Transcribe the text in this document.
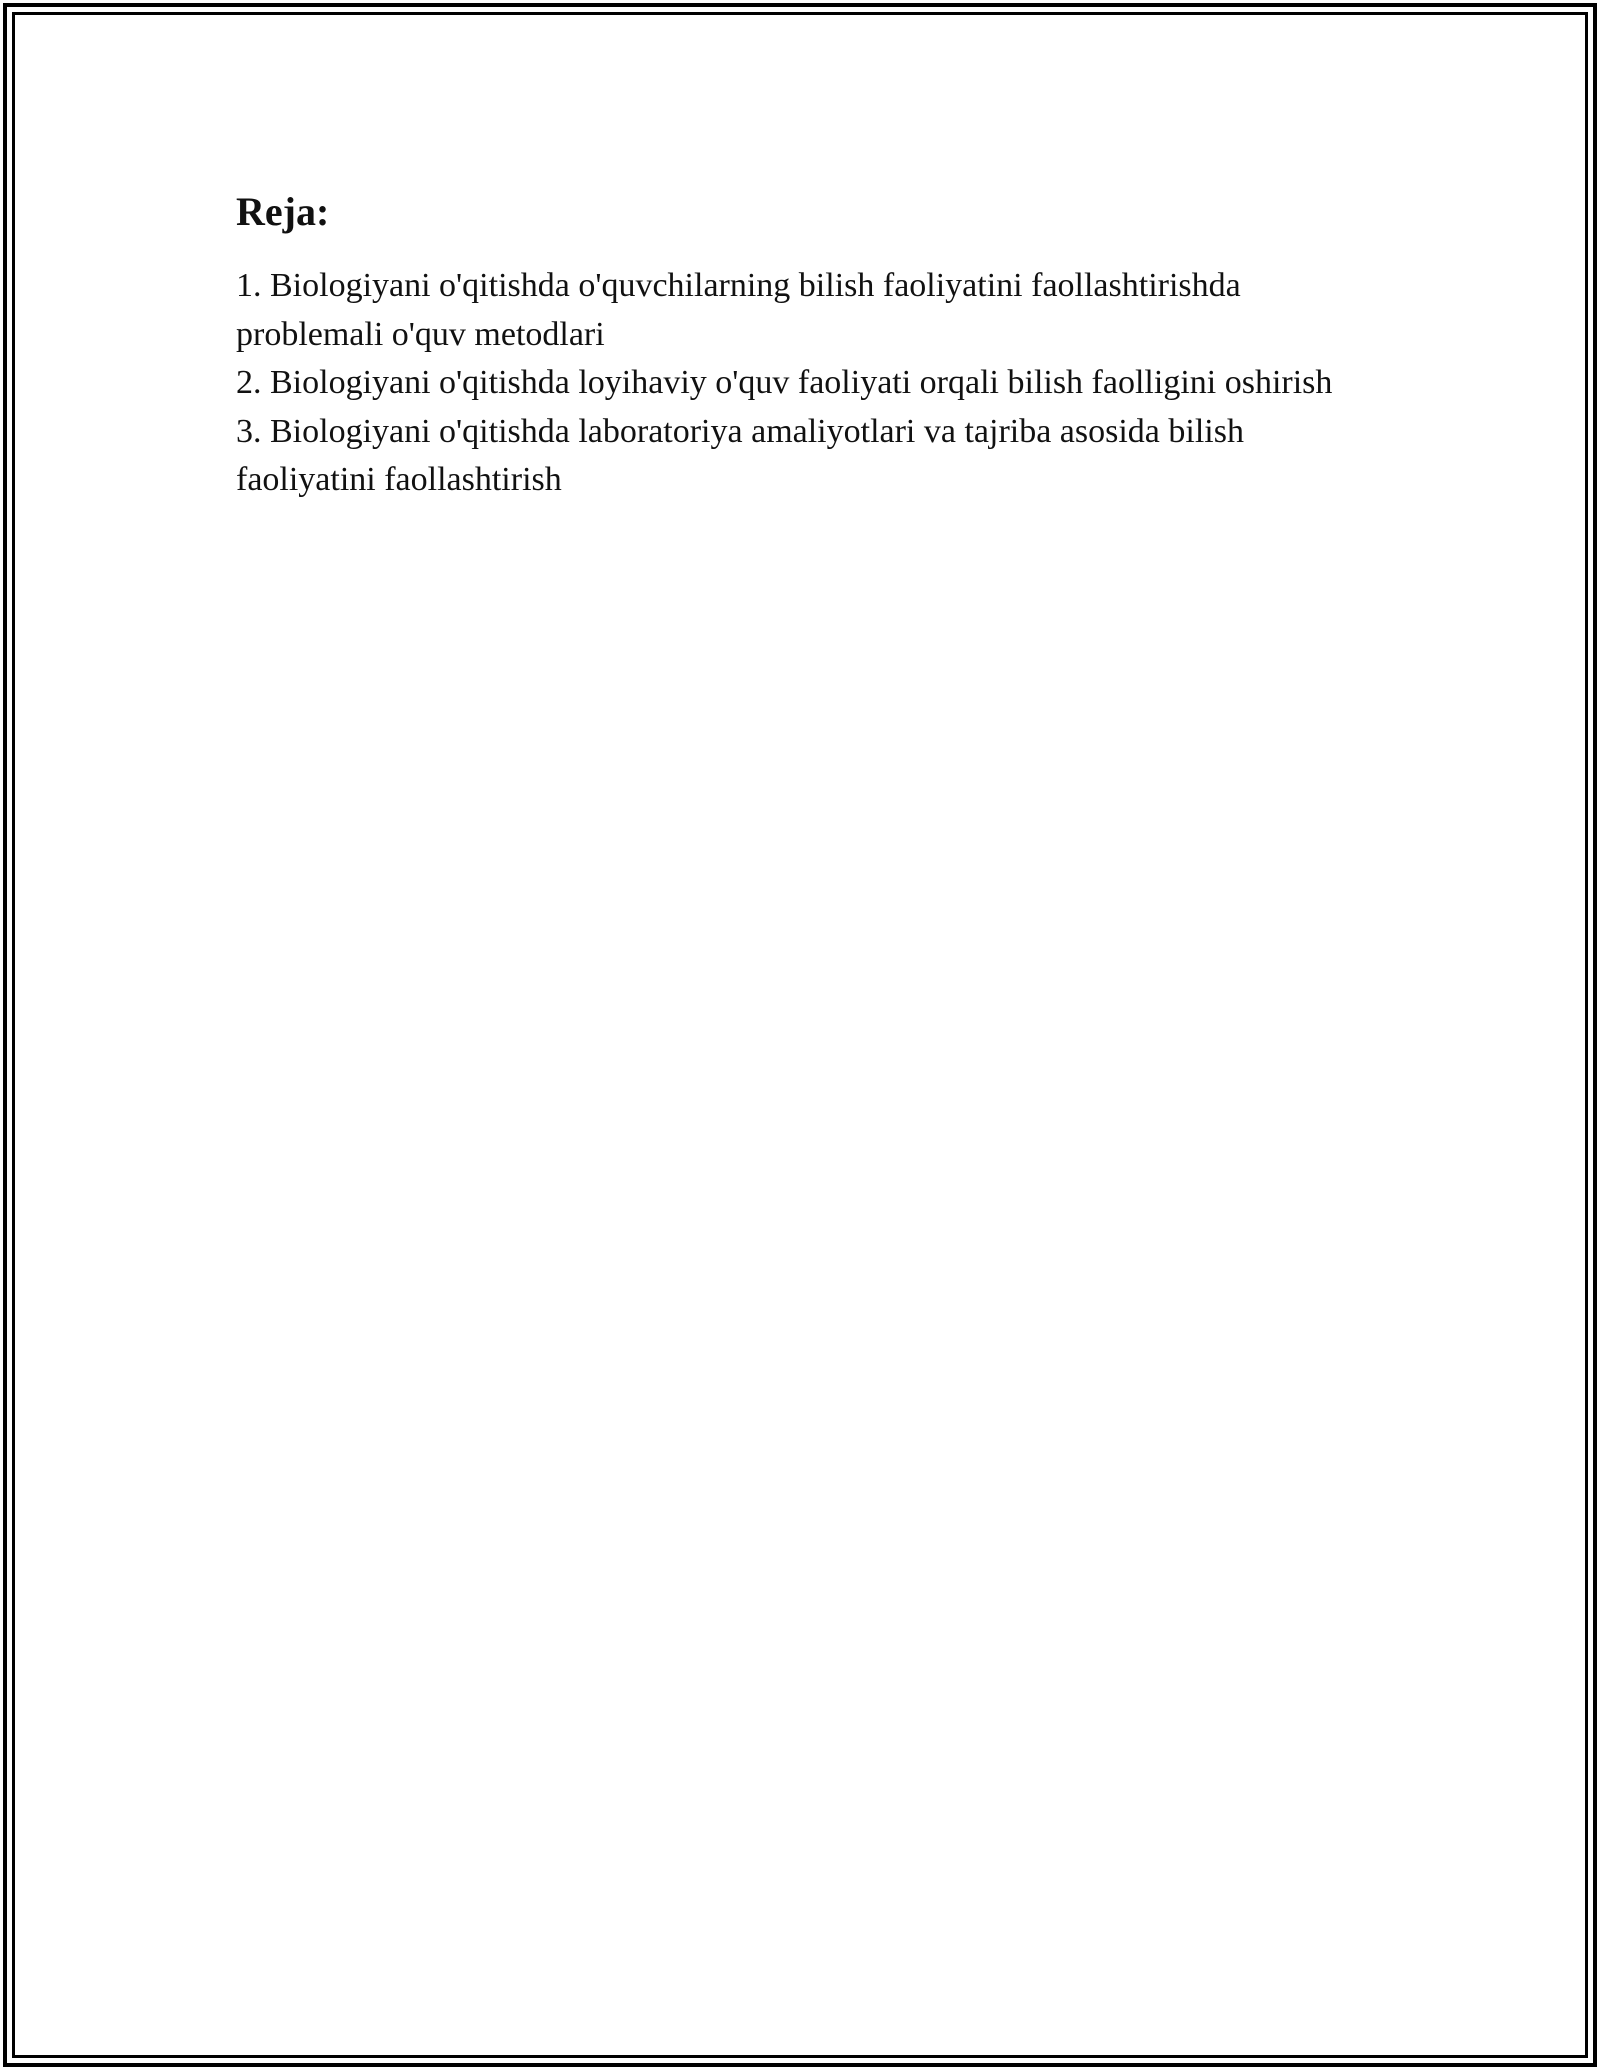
Reja:
1. Biologiyani o'qitishda o'quvchilarning bilish faoliyatini faollashtirishda problemali o'quv metodlari
2. Biologiyani o'qitishda loyihaviy o'quv faoliyati orqali bilish faolligini oshirish
3. Biologiyani o'qitishda laboratoriya amaliyotlari va tajriba asosida bilish faoliyatini faollashtirish
